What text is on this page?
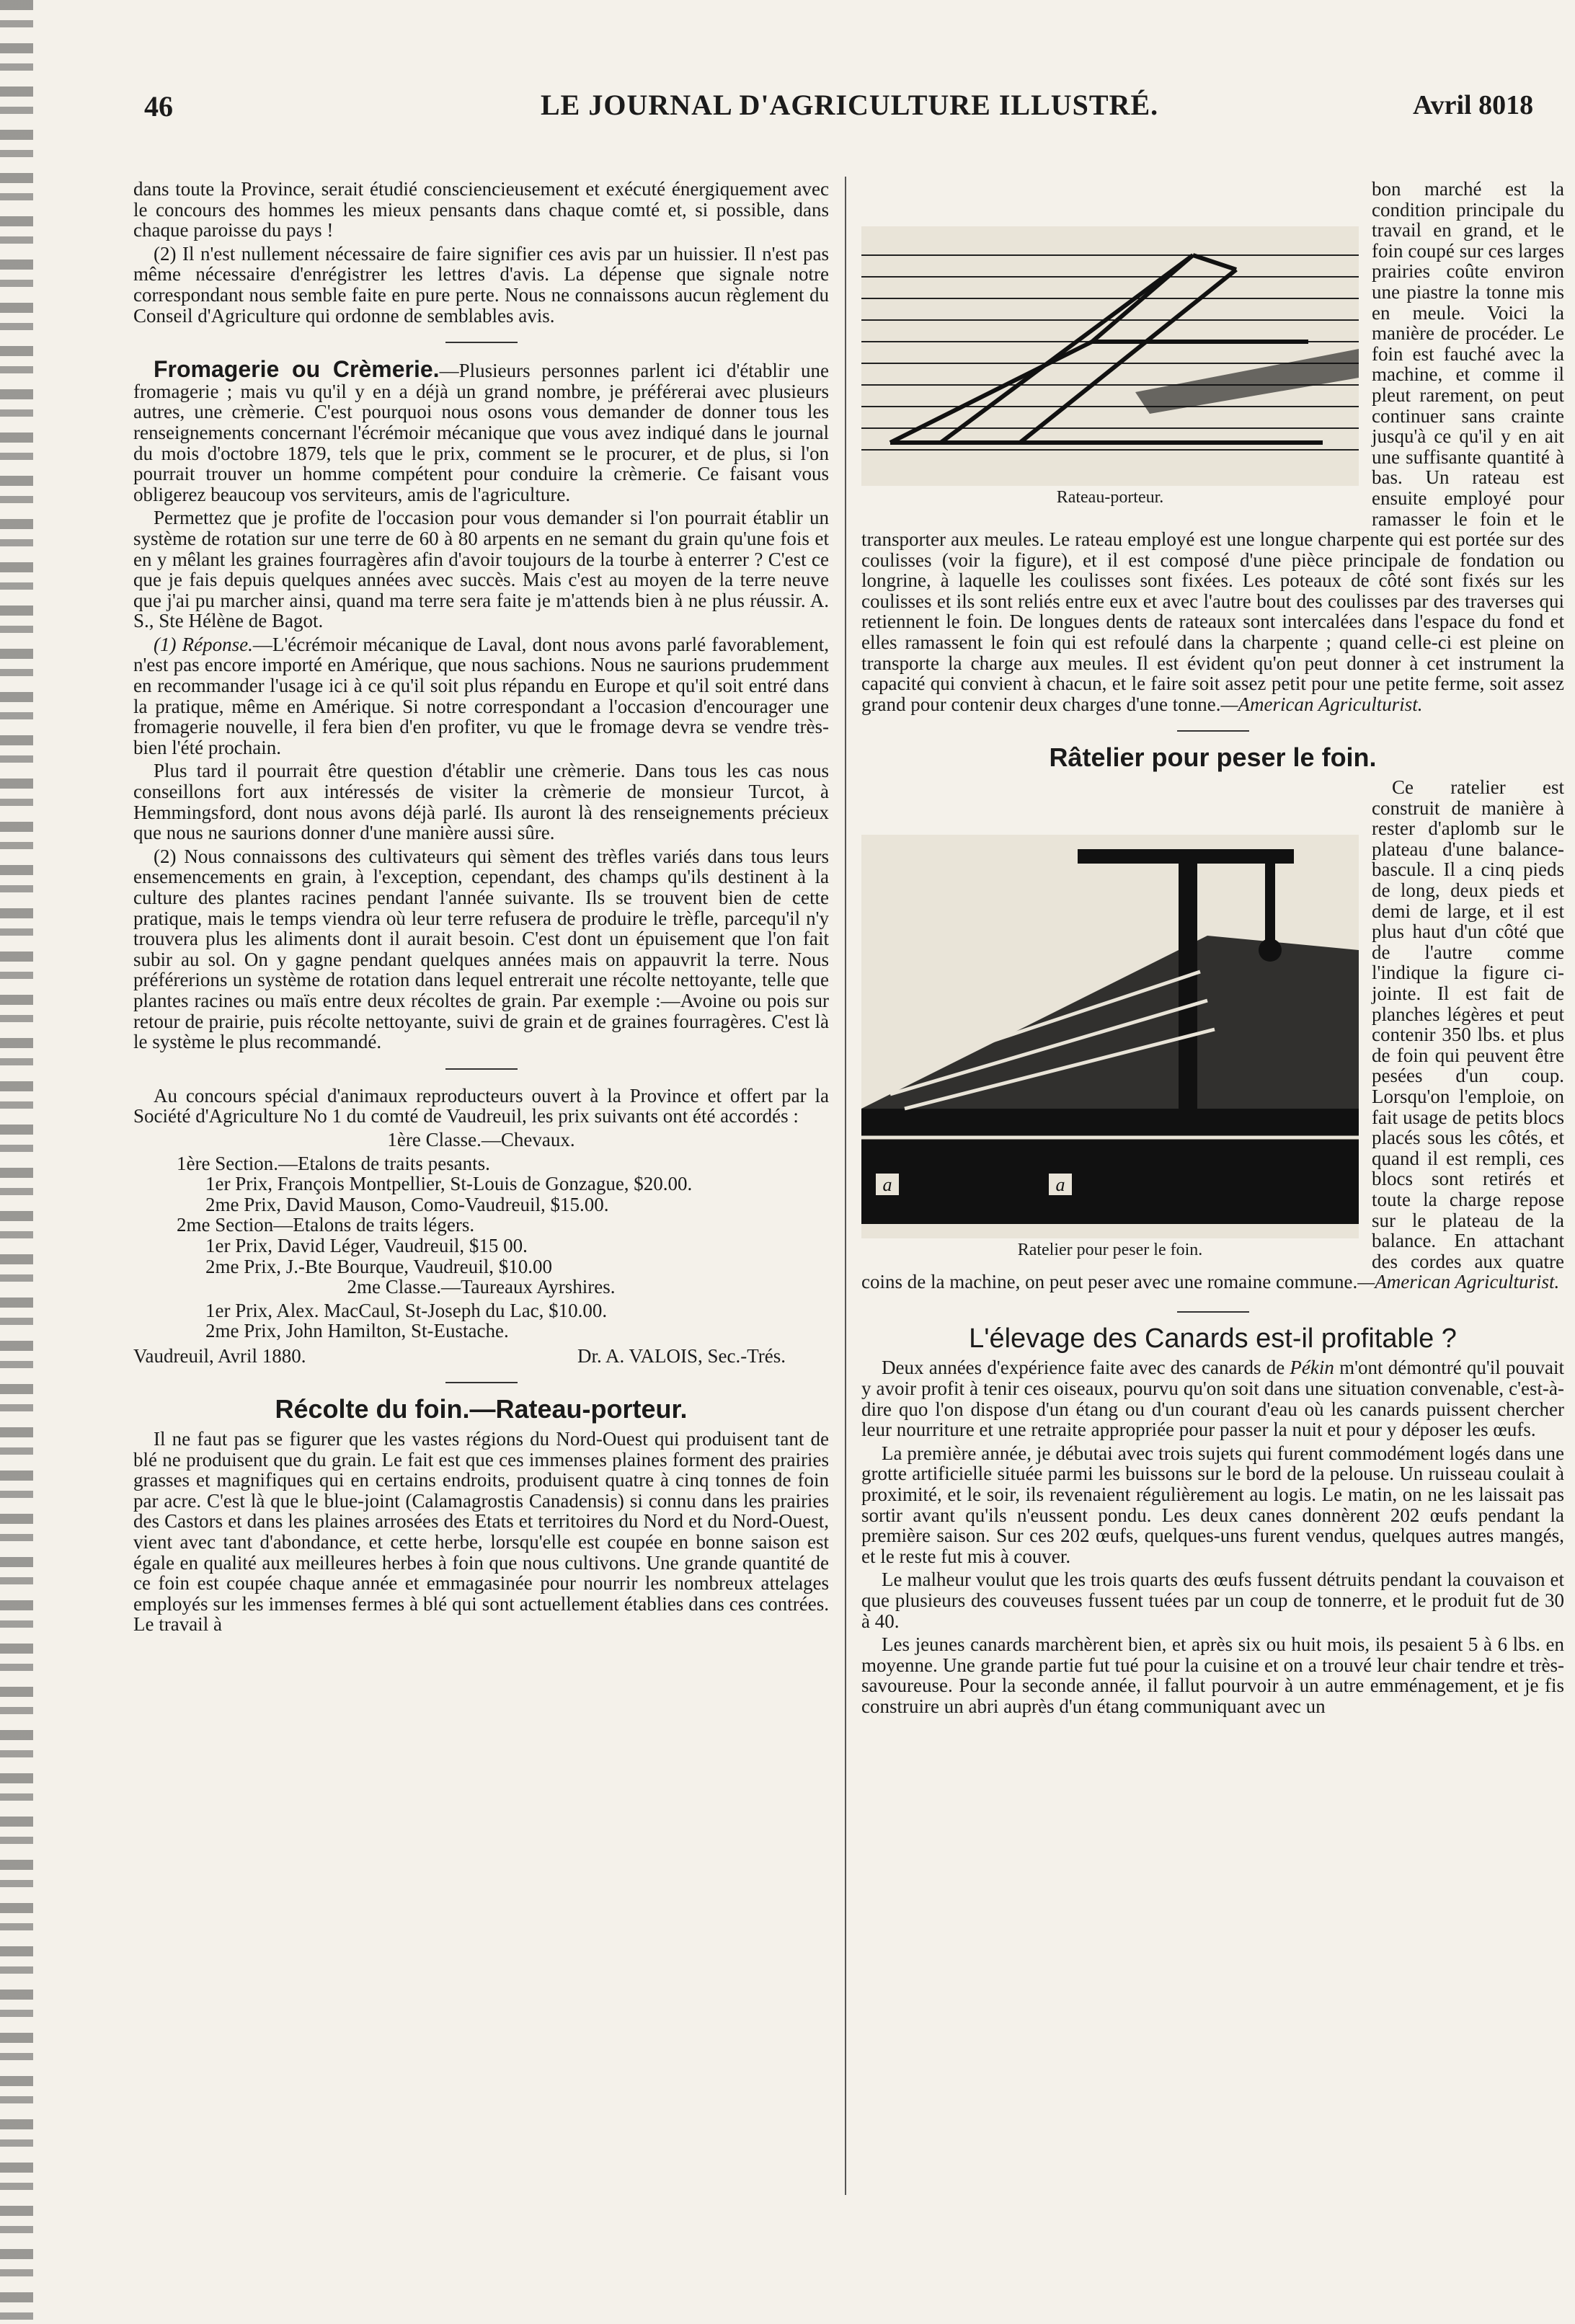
46	LE JOURNAL D'AGRICULTURE ILLUSTRÉ.	Avril 8018

dans toute la Province, serait étudié consciencieusement et exécuté énergiquement avec le concours des hommes les mieux pensants dans chaque comté et, si possible, dans chaque paroisse du pays !

(2) Il n'est nullement nécessaire de faire signifier ces avis par un huissier. Il n'est pas même nécessaire d'enrégistrer les lettres d'avis. La dépense que signale notre correspondant nous semble faite en pure perte. Nous ne connaissons aucun règlement du Conseil d'Agriculture qui ordonne de semblables avis.

Fromagerie ou Crèmerie.—Plusieurs personnes parlent ici d'établir une fromagerie ; mais vu qu'il y en a déjà un grand nombre, je préférerai avec plusieurs autres, une crèmerie. C'est pourquoi nous osons vous demander de donner tous les renseignements concernant l'écrémoir mécanique que vous avez indiqué dans le journal du mois d'octobre 1879, tels que le prix, comment se le procurer, et de plus, si l'on pourrait trouver un homme compétent pour conduire la crèmerie. Ce faisant vous obligerez beaucoup vos serviteurs, amis de l'agriculture.

Permettez que je profite de l'occasion pour vous demander si l'on pourrait établir un système de rotation sur une terre de 60 à 80 arpents en ne semant du grain qu'une fois et en y mêlant les graines fourragères afin d'avoir toujours de la tourbe à enterrer ? C'est ce que je fais depuis quelques années avec succès. Mais c'est au moyen de la terre neuve que j'ai pu marcher ainsi, quand ma terre sera faite je m'attends bien à ne plus réussir. A. S., Ste Hélène de Bagot.

(1) Réponse.—L'écrémoir mécanique de Laval, dont nous avons parlé favorablement, n'est pas encore importé en Amérique, que nous sachions. Nous ne saurions prudemment en recommander l'usage ici à ce qu'il soit plus répandu en Europe et qu'il soit entré dans la pratique, même en Amérique. Si notre correspondant a l'occasion d'encourager une fromagerie nouvelle, il fera bien d'en profiter, vu que le fromage devra se vendre très-bien l'été prochain.

Plus tard il pourrait être question d'établir une crèmerie. Dans tous les cas nous conseillons fort aux intéressés de visiter la crèmerie de monsieur Turcot, à Hemmingsford, dont nous avons déjà parlé. Ils auront là des renseignements précieux que nous ne saurions donner d'une manière aussi sûre.

(2) Nous connaissons des cultivateurs qui sèment des trèfles variés dans tous leurs ensemencements en grain, à l'exception, cependant, des champs qu'ils destinent à la culture des plantes racines pendant l'année suivante. Ils se trouvent bien de cette pratique, mais le temps viendra où leur terre refusera de produire le trèfle, parcequ'il n'y trouvera plus les aliments dont il aurait besoin. C'est dont un épuisement que l'on fait subir au sol. On y gagne pendant quelques années mais on appauvrit la terre. Nous préférerions un système de rotation dans lequel entrerait une récolte nettoyante, telle que plantes racines ou maïs entre deux récoltes de grain. Par exemple :—Avoine ou pois sur retour de prairie, puis récolte nettoyante, suivi de grain et de graines fourragères. C'est là le système le plus recommandé.

Au concours spécial d'animaux reproducteurs ouvert à la Province et offert par la Société d'Agriculture No 1 du comté de Vaudreuil, les prix suivants ont été accordés :

1ère Classe.—Chevaux.

1ère Section.—Etalons de traits pesants.

1er Prix, François Montpellier, St-Louis de Gonzague, $20.00.

2me Prix, David Mauson, Como-Vaudreuil, $15.00.

2me Section—Etalons de traits légers.

1er Prix, David Léger, Vaudreuil, $15 00.

2me Prix, J.-Bte Bourque, Vaudreuil, $10.00

2me Classe.—Taureaux Ayrshires.

1er Prix, Alex. MacCaul, St-Joseph du Lac, $10.00.

2me Prix, John Hamilton, St-Eustache.

Vaudreuil, Avril 1880.	Dr. A. VALOIS, Sec.-Trés.
Récolte du foin.—Rateau-porteur.

Il ne faut pas se figurer que les vastes régions du Nord-Ouest qui produisent tant de blé ne produisent que du grain. Le fait est que ces immenses plaines forment des prairies grasses et magnifiques qui en certains endroits, produisent quatre à cinq tonnes de foin par acre. C'est là que le blue-joint (Calamagrostis Canadensis) si connu dans les prairies des Castors et dans les plaines arrosées des Etats et territoires du Nord et du Nord-Ouest, vient avec tant d'abondance, et cette herbe, lorsqu'elle est coupée en bonne saison est égale en qualité aux meilleures herbes à foin que nous cultivons. Une grande quantité de ce foin est coupée chaque année et emmagasinée pour nourrir les nombreux attelages employés sur les immenses fermes à blé qui sont actuellement établies dans ces contrées. Le travail à

Rateau-porteur.

bon marché est la condition principale du travail en grand, et le foin coupé sur ces larges prairies coûte environ une piastre la tonne mis en meule. Voici la manière de procéder. Le foin est fauché avec la machine, et comme il pleut rarement, on peut continuer sans crainte jusqu'à ce qu'il y en ait une suffisante quantité à bas. Un rateau est ensuite employé pour ramasser le foin et le transporter aux meules. Le rateau employé est une longue charpente qui est portée sur des coulisses (voir la figure), et il est composé d'une pièce principale de fondation ou longrine, à laquelle les coulisses sont fixées. Les poteaux de côté sont fixés sur les coulisses et ils sont reliés entre eux et avec l'autre bout des coulisses par des traverses qui retiennent le foin. De longues dents de rateaux sont intercalées dans l'espace du fond et elles ramassent le foin qui est refoulé dans la charpente ; quand celle-ci est pleine on transporte la charge aux meules. Il est évident qu'on peut donner à cet instrument la capacité qui convient à chacun, et le faire soit assez petit pour une petite ferme, soit assez grand pour contenir deux charges d'une tonne.—American Agriculturist.

Râtelier pour peser le foin.
a	a
Ratelier pour peser le foin.

Ce ratelier est construit de manière à rester d'aplomb sur le plateau d'une balance-bascule. Il a cinq pieds de long, deux pieds et demi de large, et il est plus haut d'un côté que de l'autre comme l'indique la figure ci-jointe. Il est fait de planches légères et peut contenir 350 lbs. et plus de foin qui peuvent être pesées d'un coup. Lorsqu'on l'emploie, on fait usage de petits blocs placés sous les côtés, et quand il est rempli, ces blocs sont retirés et toute la charge repose sur le plateau de la balance. En attachant des cordes aux quatre coins de la machine, on peut peser avec une romaine commune.—American Agriculturist.

L'élevage des Canards est-il profitable ?

Deux années d'expérience faite avec des canards de Pékin m'ont démontré qu'il pouvait y avoir profit à tenir ces oiseaux, pourvu qu'on soit dans une situation convenable, c'est-à-dire quo l'on dispose d'un étang ou d'un courant d'eau où les canards puissent chercher leur nourriture et une retraite appropriée pour passer la nuit et pour y déposer les œufs.

La première année, je débutai avec trois sujets qui furent commodément logés dans une grotte artificielle située parmi les buissons sur le bord de la pelouse. Un ruisseau coulait à proximité, et le soir, ils revenaient régulièrement au logis. Le matin, on ne les laissait pas sortir avant qu'ils n'eussent pondu. Les deux canes donnèrent 202 œufs pendant la première saison. Sur ces 202 œufs, quelques-uns furent vendus, quelques autres mangés, et le reste fut mis à couver.

Le malheur voulut que les trois quarts des œufs fussent détruits pendant la couvaison et que plusieurs des couveuses fussent tuées par un coup de tonnerre, et le produit fut de 30 à 40.

Les jeunes canards marchèrent bien, et après six ou huit mois, ils pesaient 5 à 6 lbs. en moyenne. Une grande partie fut tué pour la cuisine et on a trouvé leur chair tendre et très-savoureuse. Pour la seconde année, il fallut pourvoir à un autre emménagement, et je fis construire un abri auprès d'un étang communiquant avec un
